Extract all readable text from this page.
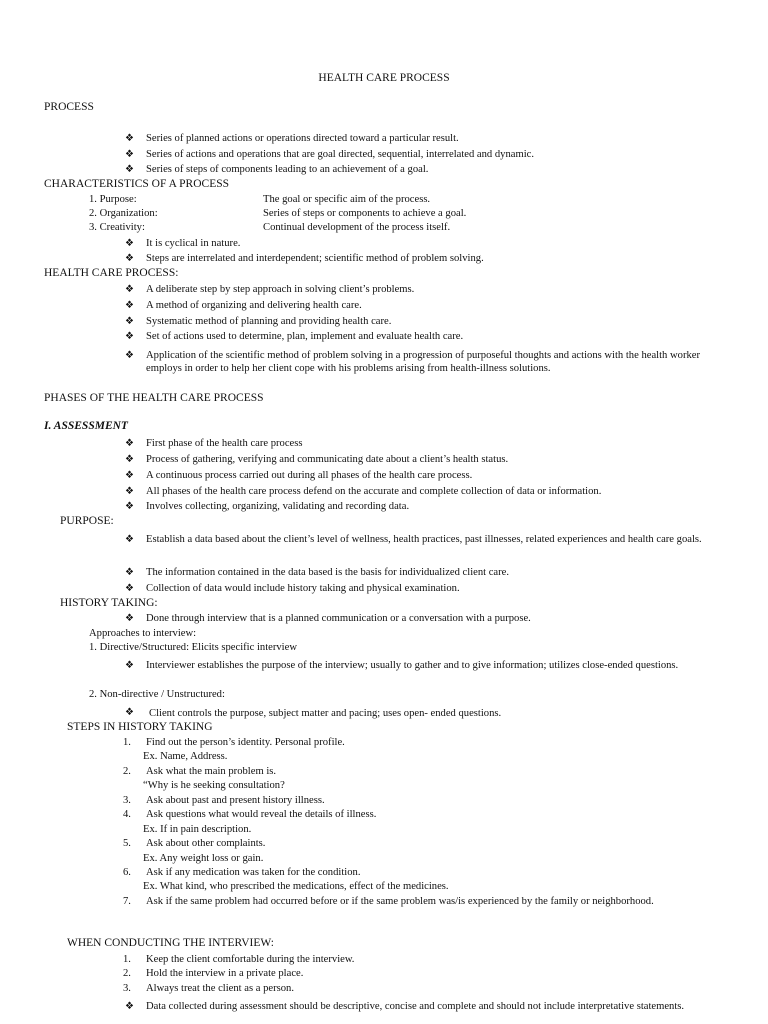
HEALTH CARE PROCESS
PROCESS
❖ Series of planned actions or operations directed toward a particular result.
❖ Series of actions and operations that are goal directed, sequential, interrelated and dynamic.
❖ Series of steps of components leading to an achievement of a goal.
CHARACTERISTICS OF A PROCESS
1. Purpose:	The goal or specific aim of the process.
2. Organization:	Series of steps or components to achieve a goal.
3. Creativity:	Continual development of the process itself.
❖ It is cyclical in nature.
❖ Steps are interrelated and interdependent; scientific method of problem solving.
HEALTH CARE PROCESS:
❖ A deliberate step by step approach in solving client’s problems.
❖ A method of organizing and delivering health care.
❖ Systematic method of planning and providing health care.
❖ Set of actions used to determine, plan, implement and evaluate health care.
❖ Application of the scientific method of problem solving in a progression of purposeful thoughts and actions with the health worker employs in order to help her client cope with his problems arising from health-illness solutions.
PHASES OF THE HEALTH CARE PROCESS
I. ASSESSMENT
❖ First phase of the health care process
❖ Process of gathering, verifying and communicating date about a client’s health status.
❖ A continuous process carried out during all phases of the health care process.
❖ All phases of the health care process defend on the accurate and complete collection of data or information.
❖ Involves collecting, organizing, validating and recording data.
PURPOSE:
❖ Establish a data based about the client’s level of wellness, health practices, past illnesses, related experiences and health care goals.
❖ The information contained in the data based is the basis for individualized client care.
❖ Collection of data would include history taking and physical examination.
HISTORY TAKING:
❖ Done through interview that is a planned communication or a conversation with a purpose.
Approaches to interview:
1. Directive/Structured: Elicits specific interview
❖ Interviewer establishes the purpose of the interview; usually to gather and to give information; utilizes close-ended questions.
2. Non-directive / Unstructured:
❖ Client controls the purpose, subject matter and pacing; uses open- ended questions.
STEPS IN HISTORY TAKING
1. Find out the person’s identity. Personal profile.
Ex. Name, Address.
2. Ask what the main problem is.
“Why is he seeking consultation?
3. Ask about past and present history illness.
4. Ask questions what would reveal the details of illness.
Ex. If in pain description.
5. Ask about other complaints.
Ex. Any weight loss or gain.
6. Ask if any medication was taken for the condition.
Ex. What kind, who prescribed the medications, effect of the medicines.
7. Ask if the same problem had occurred before or if the same problem was/is experienced by the family or neighborhood.
WHEN CONDUCTING THE INTERVIEW:
1. Keep the client comfortable during the interview.
2. Hold the interview in a private place.
3. Always treat the client as a person.
❖ Data collected during assessment should be descriptive, concise and complete and should not include interpretative statements.
